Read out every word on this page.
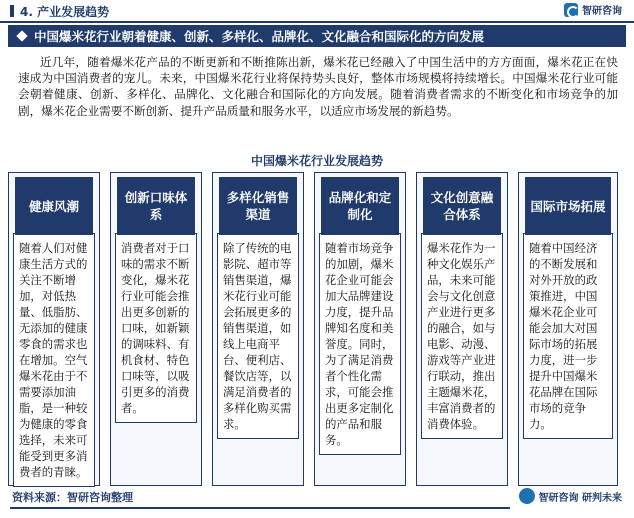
4. 产业发展趋势	智研咨询
中国爆米花行业朝着健康、创新、多样化、品牌化、文化融合和国际化的方向发展
近几年，随着爆米花产品的不断更新和不断推陈出新，爆米花已经融入了中国生活中的方方面面，爆米花正在快速成为中国消费者的宠儿。未来，中国爆米花行业将保持势头良好，整体市场规模将持续增长。中国爆米花行业可能会朝着健康、创新、多样化、品牌化、文化融合和国际化的方向发展。随着消费者需求的不断变化和市场竞争的加剧，爆米花企业需要不断创新、提升产品质量和服务水平，以适应市场发展的新趋势。
中国爆米花行业发展趋势
随着人们对健康生活方式的关注不断增加，对低热量、低脂肪、无添加的健康零食的需求也在增加。空气爆米花由于不需要添加油脂，是一种较为健康的零食选择，未来可能受到更多消费者的青睐。
健康风潮
消费者对于口味的需求不断变化，爆米花行业可能会推出更多创新的口味，如新颖的调味料、有机食材、特色口味等，以吸引更多的消费者。
创新口味体系
除了传统的电影院、超市等销售渠道，爆米花行业可能会拓展更多的销售渠道，如线上电商平台、便利店、餐饮店等，以满足消费者的多样化购买需求。
多样化销售渠道
随着市场竞争的加剧，爆米花企业可能会加大品牌建设力度，提升品牌知名度和美誉度。同时，为了满足消费者个性化需求，可能会推出更多定制化的产品和服务。
品牌化和定制化
爆米花作为一种文化娱乐产品，未来可能会与文化创意产业进行更多的融合，如与电影、动漫、游戏等产业进行联动，推出主题爆米花，丰富消费者的消费体验。
文化创意融合体系
随着中国经济的不断发展和对外开放的政策推进，中国爆米花企业可能会加大对国际市场的拓展力度，进一步提升中国爆米花品牌在国际市场的竞争力。
国际市场拓展
资料来源：智研咨询整理	智研咨询 研判未来
